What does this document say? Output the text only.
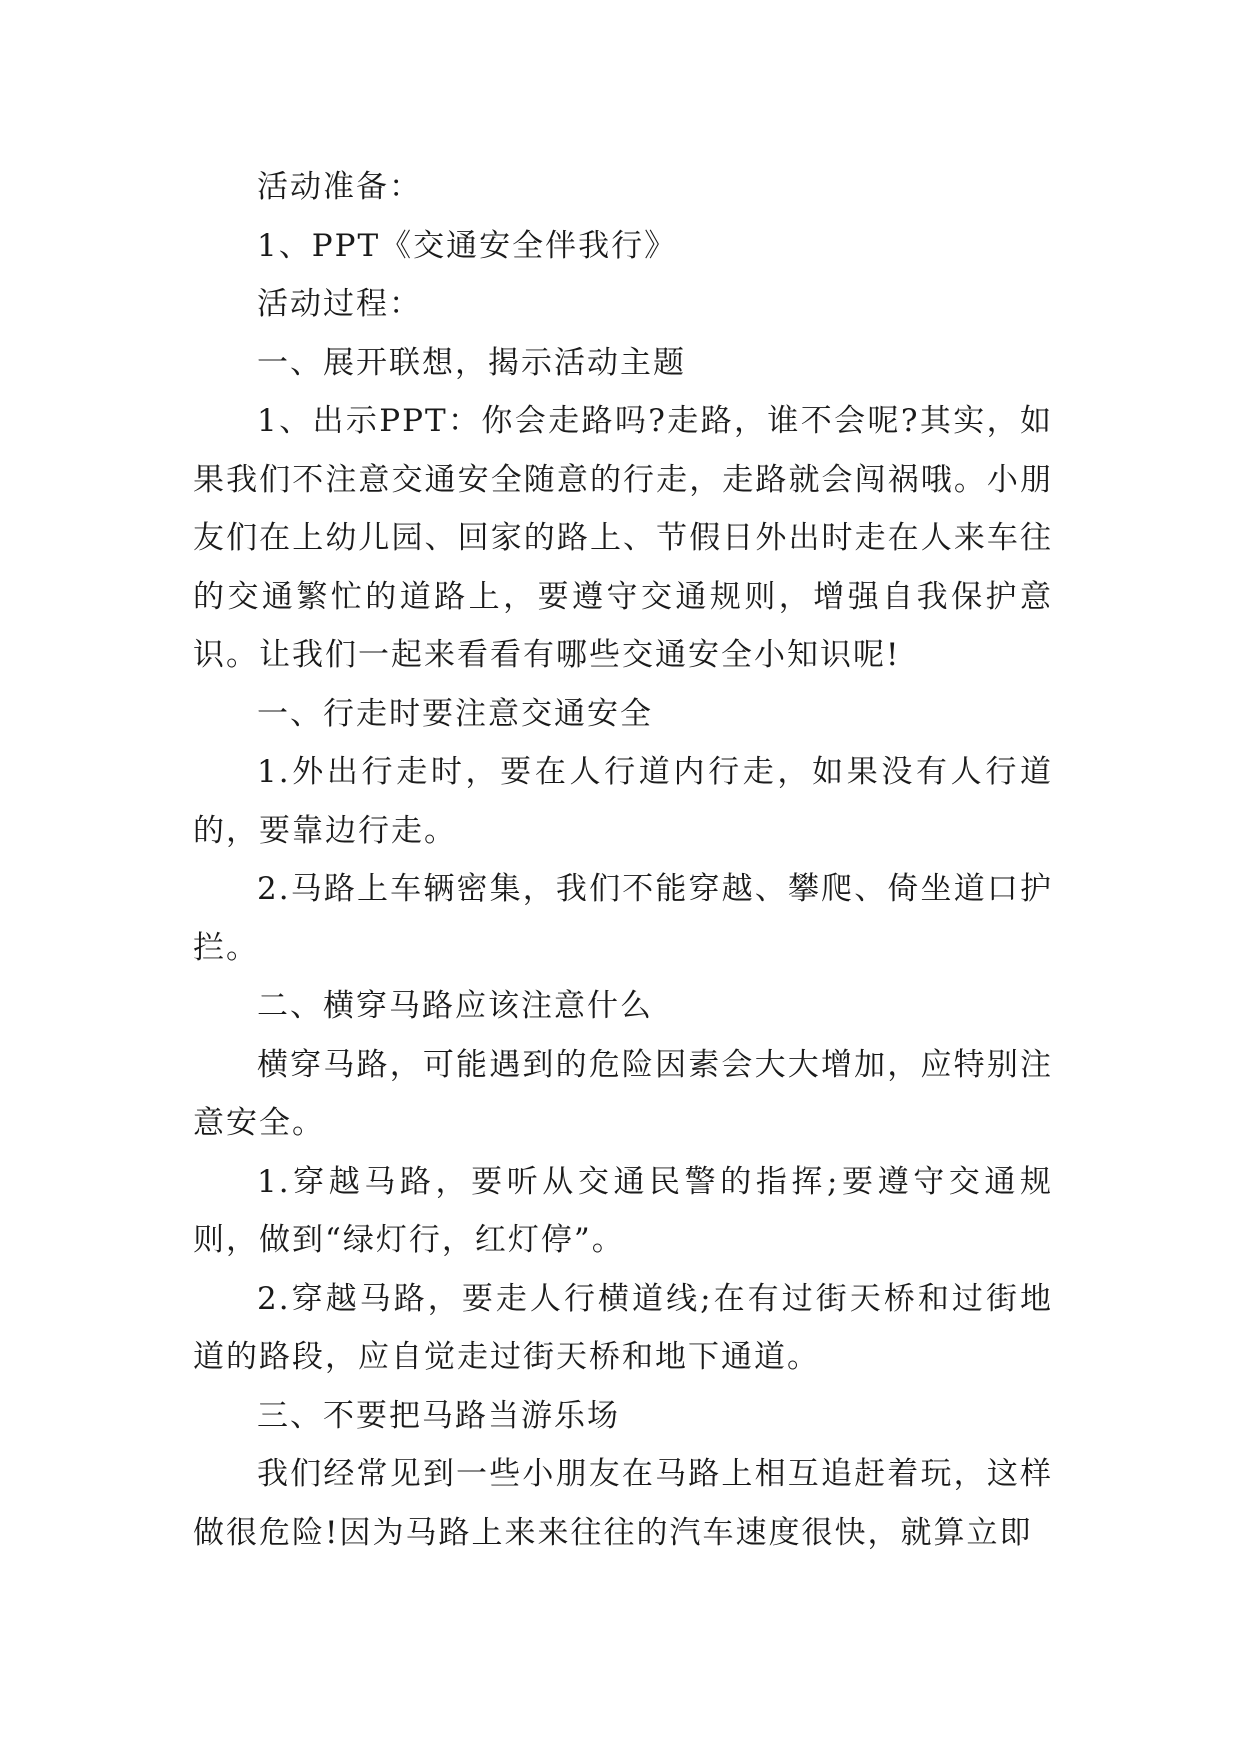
活动准备：

1、PPT《交通安全伴我行》

活动过程：

一、展开联想，揭示活动主题

1、出示PPT：你会走路吗?走路，谁不会呢?其实，如果我们不注意交通安全随意的行走，走路就会闯祸哦。小朋友们在上幼儿园、回家的路上、节假日外出时走在人来车往的交通繁忙的道路上，要遵守交通规则，增强自我保护意识。让我们一起来看看有哪些交通安全小知识呢!

一、行走时要注意交通安全

1.外出行走时，要在人行道内行走，如果没有人行道的，要靠边行走。

2.马路上车辆密集，我们不能穿越、攀爬、倚坐道口护拦。

二、横穿马路应该注意什么

横穿马路，可能遇到的危险因素会大大增加，应特别注意安全。

1.穿越马路，要听从交通民警的指挥;要遵守交通规则，做到“绿灯行，红灯停”。

2.穿越马路，要走人行横道线;在有过街天桥和过街地道的路段，应自觉走过街天桥和地下通道。

三、不要把马路当游乐场

我们经常见到一些小朋友在马路上相互追赶着玩，这样做很危险!因为马路上来来往往的汽车速度很快，就算立即
